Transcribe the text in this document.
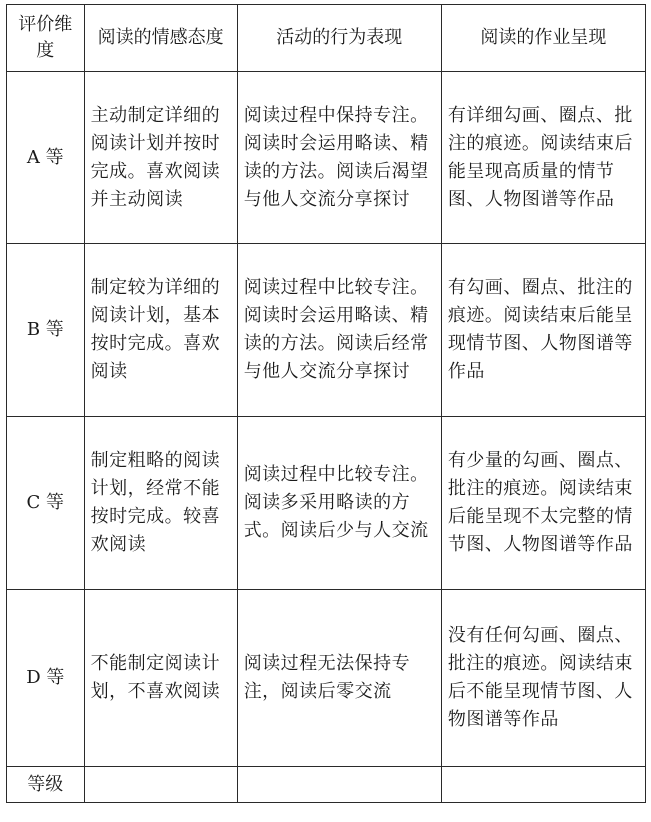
评价维度	阅读的情感态度	活动的行为表现	阅读的作业呈现
A 等	主动制定详细的阅读计划并按时完成。喜欢阅读并主动阅读	阅读过程中保持专注。阅读时会运用略读、精读的方法。阅读后渴望与他人交流分享探讨	有详细勾画、圈点、批注的痕迹。阅读结束后能呈现高质量的情节图、人物图谱等作品
B 等	制定较为详细的阅读计划，基本按时完成。喜欢阅读	阅读过程中比较专注。阅读时会运用略读、精读的方法。阅读后经常与他人交流分享探讨	有勾画、圈点、批注的痕迹。阅读结束后能呈现情节图、人物图谱等作品
C 等	制定粗略的阅读计划，经常不能按时完成。较喜欢阅读	阅读过程中比较专注。阅读多采用略读的方式。阅读后少与人交流	有少量的勾画、圈点、批注的痕迹。阅读结束后能呈现不太完整的情节图、人物图谱等作品
D 等	不能制定阅读计划，不喜欢阅读	阅读过程无法保持专注，阅读后零交流	没有任何勾画、圈点、批注的痕迹。阅读结束后不能呈现情节图、人物图谱等作品
等级			
